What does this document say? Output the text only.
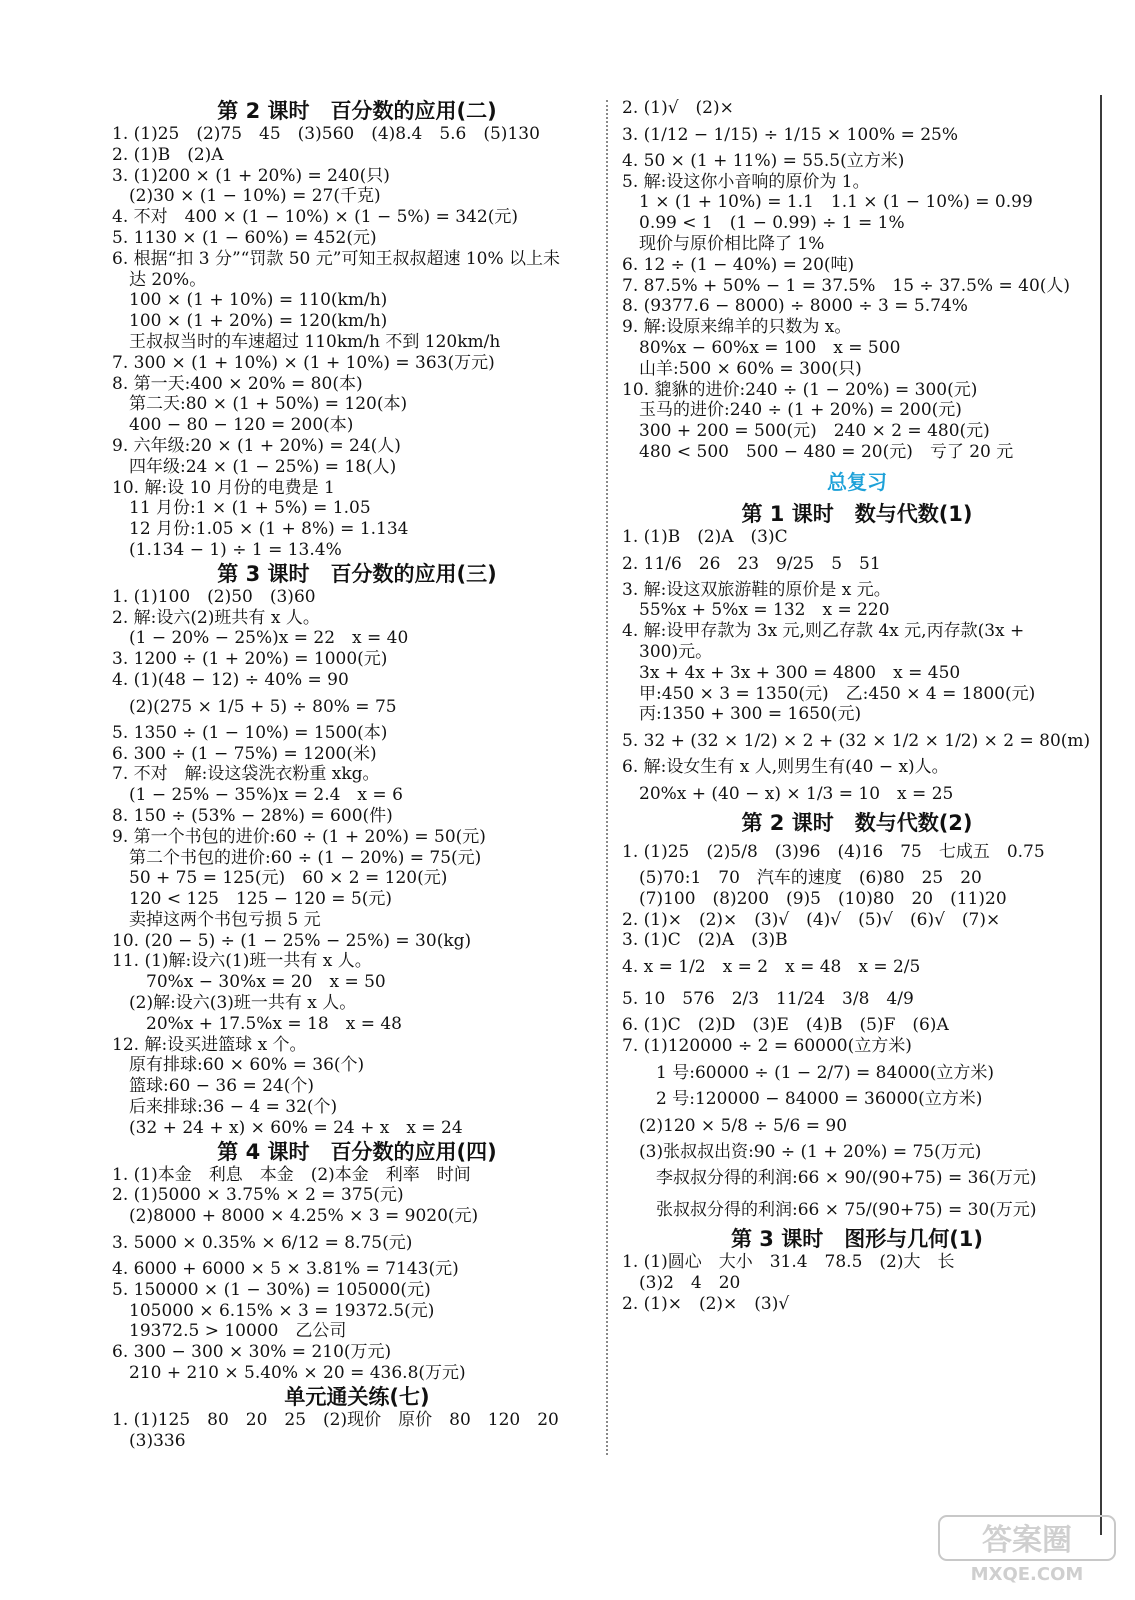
第 2 课时　百分数的应用(二)
1. (1)25　(2)75　45　(3)560　(4)8.4　5.6　(5)130
2. (1)B　(2)A
3. (1)200 × (1 + 20%) = 240(只)
　(2)30 × (1 − 10%) = 27(千克)
4. 不对　400 × (1 − 10%) × (1 − 5%) = 342(元)
5. 1130 × (1 − 60%) = 452(元)
6. 根据“扣 3 分”“罚款 50 元”可知王叔叔超速 10% 以上未
　达 20%。
　100 × (1 + 10%) = 110(km/h)
　100 × (1 + 20%) = 120(km/h)
　王叔叔当时的车速超过 110km/h 不到 120km/h
7. 300 × (1 + 10%) × (1 + 10%) = 363(万元)
8. 第一天:400 × 20% = 80(本)
　第二天:80 × (1 + 50%) = 120(本)
　400 − 80 − 120 = 200(本)
9. 六年级:20 × (1 + 20%) = 24(人)
　四年级:24 × (1 − 25%) = 18(人)
10. 解:设 10 月份的电费是 1
　11 月份:1 × (1 + 5%) = 1.05
　12 月份:1.05 × (1 + 8%) = 1.134
　(1.134 − 1) ÷ 1 = 13.4%
第 3 课时　百分数的应用(三)
1. (1)100　(2)50　(3)60
2. 解:设六(2)班共有 x 人。
　(1 − 20% − 25%)x = 22　x = 40
3. 1200 ÷ (1 + 20%) = 1000(元)
4. (1)(48 − 12) ÷ 40% = 90
　(2)(275 × 1/5 + 5) ÷ 80% = 75
5. 1350 ÷ (1 − 10%) = 1500(本)
6. 300 ÷ (1 − 75%) = 1200(米)
7. 不对　解:设这袋洗衣粉重 xkg。
　(1 − 25% − 35%)x = 2.4　x = 6
8. 150 ÷ (53% − 28%) = 600(件)
9. 第一个书包的进价:60 ÷ (1 + 20%) = 50(元)
　第二个书包的进价:60 ÷ (1 − 20%) = 75(元)
　50 + 75 = 125(元)　60 × 2 = 120(元)
　120 < 125　125 − 120 = 5(元)
　卖掉这两个书包亏损 5 元
10. (20 − 5) ÷ (1 − 25% − 25%) = 30(kg)
11. (1)解:设六(1)班一共有 x 人。
　　70%x − 30%x = 20　x = 50
　(2)解:设六(3)班一共有 x 人。
　　20%x + 17.5%x = 18　x = 48
12. 解:设买进篮球 x 个。
　原有排球:60 × 60% = 36(个)
　篮球:60 − 36 = 24(个)
　后来排球:36 − 4 = 32(个)
　(32 + 24 + x) × 60% = 24 + x　x = 24
第 4 课时　百分数的应用(四)
1. (1)本金　利息　本金　(2)本金　利率　时间
2. (1)5000 × 3.75% × 2 = 375(元)
　(2)8000 + 8000 × 4.25% × 3 = 9020(元)
3. 5000 × 0.35% × 6/12 = 8.75(元)
4. 6000 + 6000 × 5 × 3.81% = 7143(元)
5. 150000 × (1 − 30%) = 105000(元)
　105000 × 6.15% × 3 = 19372.5(元)
　19372.5 > 10000　乙公司
6. 300 − 300 × 30% = 210(万元)
　210 + 210 × 5.40% × 20 = 436.8(万元)
单元通关练(七)
1. (1)125　80　20　25　(2)现价　原价　80　120　20
　(3)336
2. (1)√　(2)×
3. (1/12 − 1/15) ÷ 1/15 × 100% = 25%
4. 50 × (1 + 11%) = 55.5(立方米)
5. 解:设这你小音响的原价为 1。
　1 × (1 + 10%) = 1.1　1.1 × (1 − 10%) = 0.99
　0.99 < 1　(1 − 0.99) ÷ 1 = 1%
　现价与原价相比降了 1%
6. 12 ÷ (1 − 40%) = 20(吨)
7. 87.5% + 50% − 1 = 37.5%　15 ÷ 37.5% = 40(人)
8. (9377.6 − 8000) ÷ 8000 ÷ 3 = 5.74%
9. 解:设原来绵羊的只数为 x。
　80%x − 60%x = 100　x = 500
　山羊:500 × 60% = 300(只)
10. 貔貅的进价:240 ÷ (1 − 20%) = 300(元)
　玉马的进价:240 ÷ (1 + 20%) = 200(元)
　300 + 200 = 500(元)　240 × 2 = 480(元)
　480 < 500　500 − 480 = 20(元)　亏了 20 元
总复习
第 1 课时　数与代数(1)
1. (1)B　(2)A　(3)C
2. 11/6　26　23　9/25　5　51
3. 解:设这双旅游鞋的原价是 x 元。
　55%x + 5%x = 132　x = 220
4. 解:设甲存款为 3x 元,则乙存款 4x 元,丙存款(3x +
　300)元。
　3x + 4x + 3x + 300 = 4800　x = 450
　甲:450 × 3 = 1350(元)　乙:450 × 4 = 1800(元)
　丙:1350 + 300 = 1650(元)
5. 32 + (32 × 1/2) × 2 + (32 × 1/2 × 1/2) × 2 = 80(m)
6. 解:设女生有 x 人,则男生有(40 − x)人。
　20%x + (40 − x) × 1/3 = 10　x = 25
第 2 课时　数与代数(2)
1. (1)25　(2)5/8　(3)96　(4)16　75　七成五　0.75
　(5)70:1　70　汽车的速度　(6)80　25　20
　(7)100　(8)200　(9)5　(10)80　20　(11)20
2. (1)×　(2)×　(3)√　(4)√　(5)√　(6)√　(7)×
3. (1)C　(2)A　(3)B
4. x = 1/2　x = 2　x = 48　x = 2/5
5. 10　576　2/3　11/24　3/8　4/9
6. (1)C　(2)D　(3)E　(4)B　(5)F　(6)A
7. (1)120000 ÷ 2 = 60000(立方米)
　　1 号:60000 ÷ (1 − 2/7) = 84000(立方米)
　　2 号:120000 − 84000 = 36000(立方米)
　(2)120 × 5/8 ÷ 5/6 = 90
　(3)张叔叔出资:90 ÷ (1 + 20%) = 75(万元)
　　李叔叔分得的利润:66 × 90/(90+75) = 36(万元)
　　张叔叔分得的利润:66 × 75/(90+75) = 30(万元)
第 3 课时　图形与几何(1)
1. (1)圆心　大小　31.4　78.5　(2)大　长
　(3)2　4　20
2. (1)×　(2)×　(3)√
答案圈
MXQE.COM
